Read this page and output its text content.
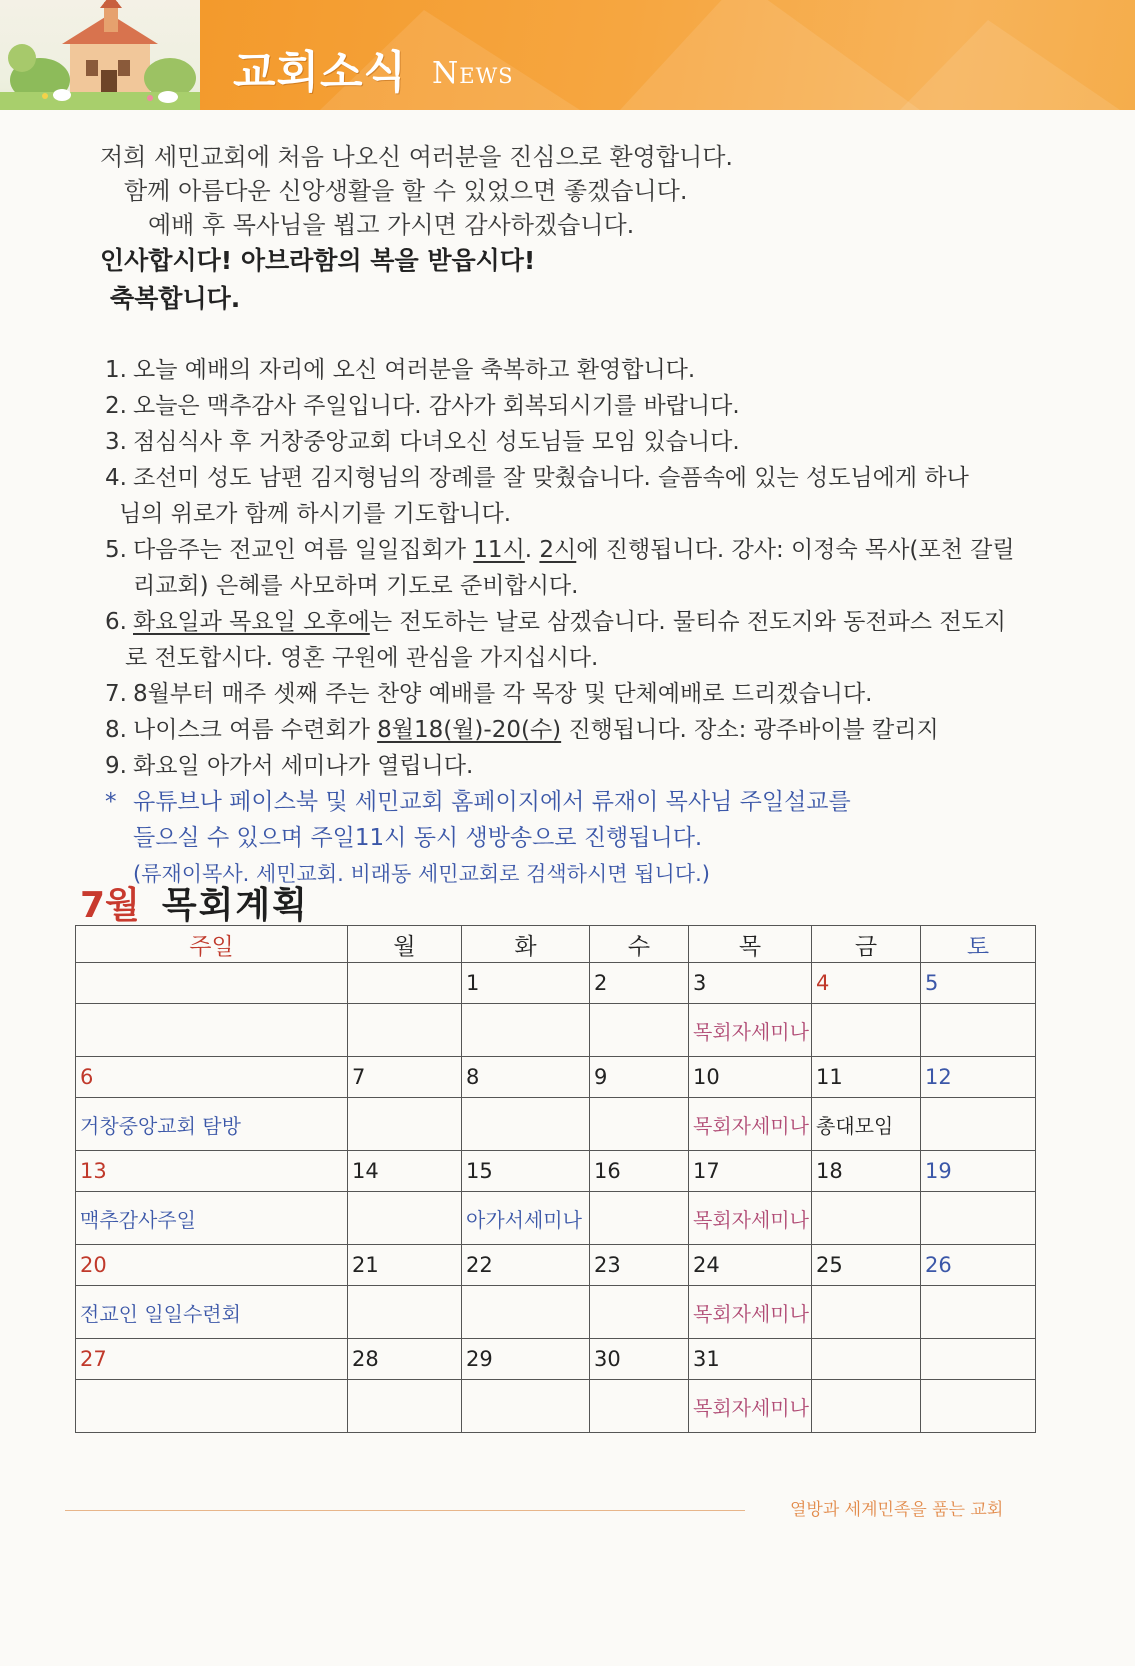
교회소식 News
저희 세민교회에 처음 나오신 여러분을 진심으로 환영합니다.
함께 아름다운 신앙생활을 할 수 있었으면 좋겠습니다.
예배 후 목사님을 뵙고 가시면 감사하겠습니다.
인사합시다! 아브라함의 복을 받읍시다!
축복합니다.
1. 오늘 예배의 자리에 오신 여러분을 축복하고 환영합니다.
2. 오늘은 맥추감사 주일입니다. 감사가 회복되시기를 바랍니다.
3. 점심식사 후 거창중앙교회 다녀오신 성도님들 모임 있습니다.
4. 조선미 성도 남편 김지형님의 장례를 잘 맞췄습니다. 슬픔속에 있는 성도님에게 하나
님의 위로가 함께 하시기를 기도합니다.
5. 다음주는 전교인 여름 일일집회가 11시. 2시에 진행됩니다. 강사: 이정숙 목사(포천 갈릴
리교회) 은혜를 사모하며 기도로 준비합시다.
6. 화요일과 목요일 오후에는 전도하는 날로 삼겠습니다. 물티슈 전도지와 동전파스 전도지
로 전도합시다. 영혼 구원에 관심을 가지십시다.
7. 8월부터 매주 셋째 주는 찬양 예배를 각 목장 및 단체예배로 드리겠습니다.
8. 나이스크 여름 수련회가 8월18(월)-20(수) 진행됩니다. 장소: 광주바이블 칼리지
9. 화요일 아가서 세미나가 열립니다.
* 유튜브나 페이스북 및 세민교회 홈페이지에서 류재이 목사님 주일설교를
들으실 수 있으며 주일11시 동시 생방송으로 진행됩니다.
(류재이목사. 세민교회. 비래동 세민교회로 검색하시면 됩니다.)
7월 목회계획
주일	월	화	수	목	금	토
		1	2	3	4	5
				목회자세미나		
6	7	8	9	10	11	12
거창중앙교회 탐방				목회자세미나	총대모임	
13	14	15	16	17	18	19
맥추감사주일		아가서세미나		목회자세미나		
20	21	22	23	24	25	26
전교인 일일수련회				목회자세미나		
27	28	29	30	31		
				목회자세미나		
열방과 세계민족을 품는 교회
